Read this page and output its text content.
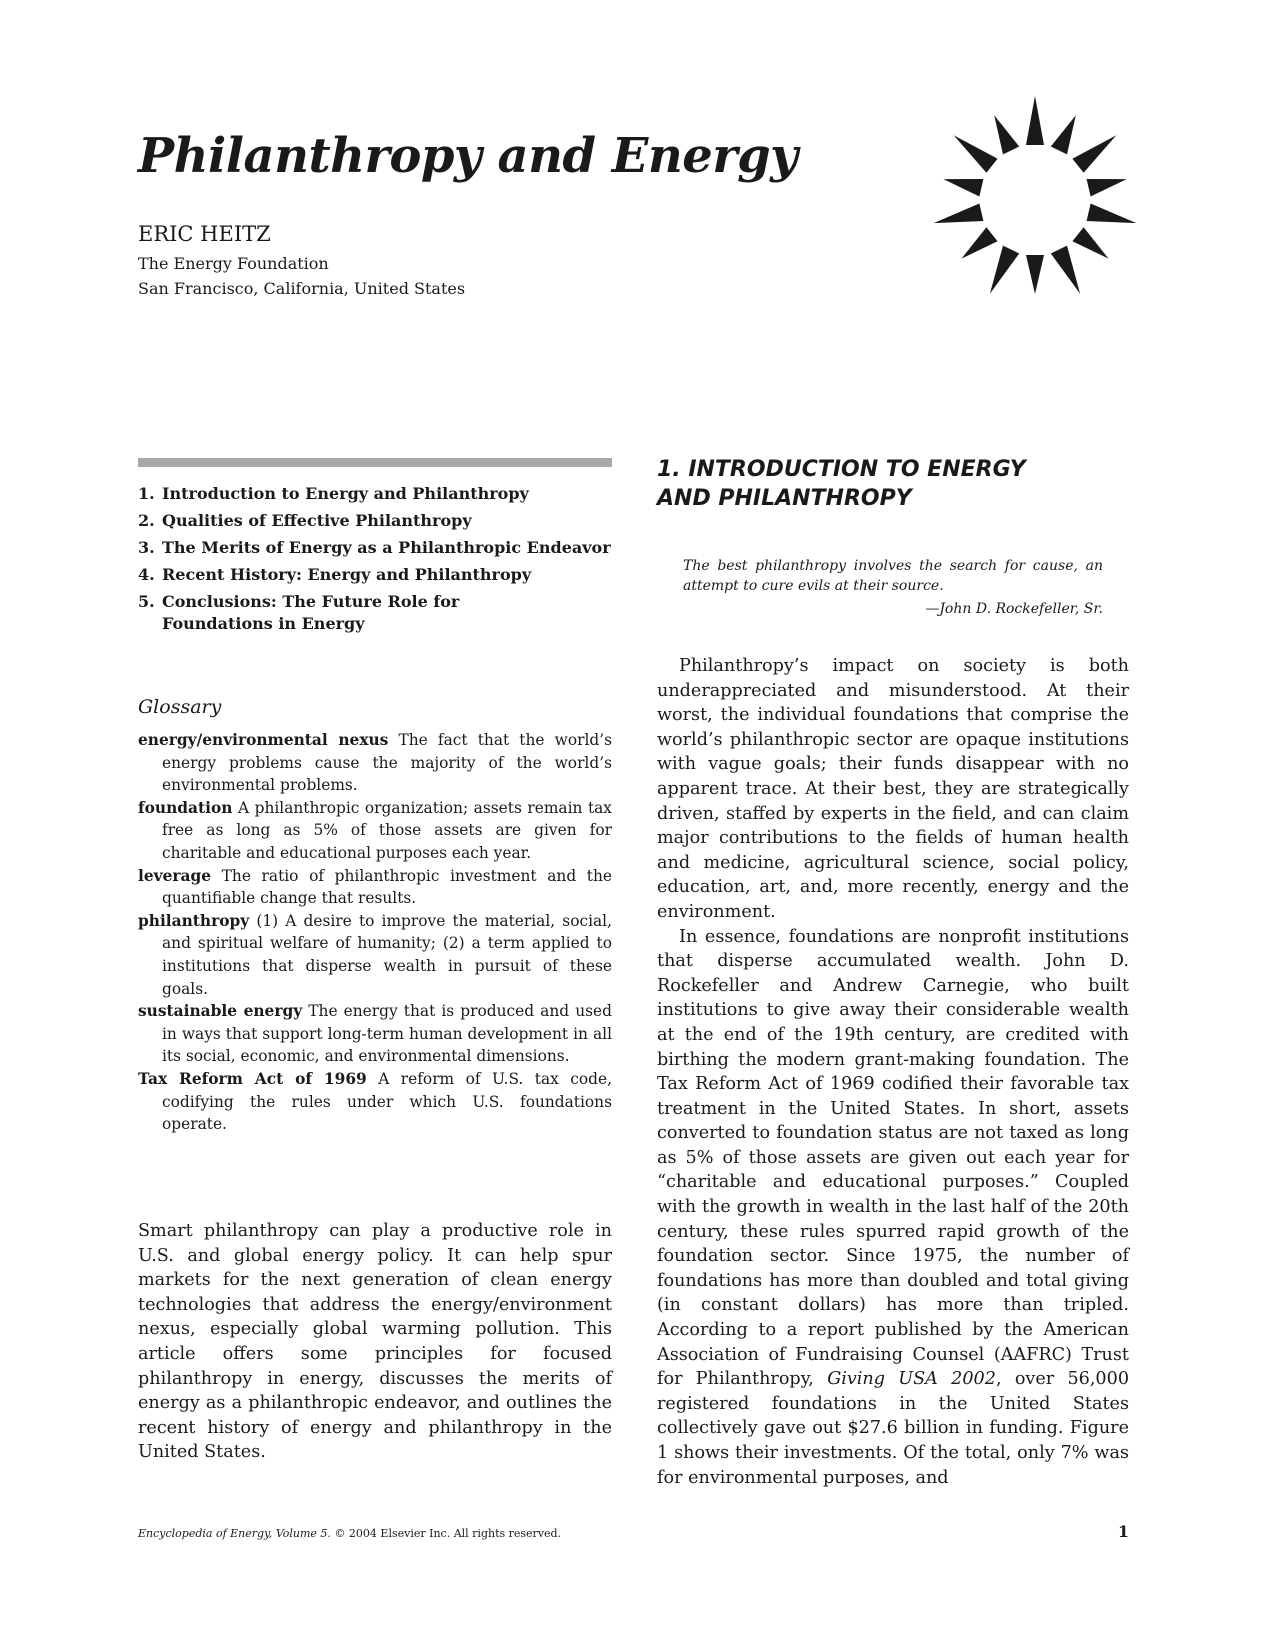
Philanthropy and Energy
ERIC HEITZ
The Energy Foundation
San Francisco, California, United States
1. Introduction to Energy and Philanthropy
2. Qualities of Effective Philanthropy
3. The Merits of Energy as a Philanthropic Endeavor
4. Recent History: Energy and Philanthropy
5. Conclusions: The Future Role for Foundations in Energy
Glossary

energy/environmental nexus The fact that the world’s energy problems cause the majority of the world’s environmental problems.

foundation A philanthropic organization; assets remain tax free as long as 5% of those assets are given for charitable and educational purposes each year.

leverage The ratio of philanthropic investment and the quantifiable change that results.

philanthropy (1) A desire to improve the material, social, and spiritual welfare of humanity; (2) a term applied to institutions that disperse wealth in pursuit of these goals.

sustainable energy The energy that is produced and used in ways that support long-term human development in all its social, economic, and environmental dimensions.

Tax Reform Act of 1969 A reform of U.S. tax code, codifying the rules under which U.S. foundations operate.

Smart philanthropy can play a productive role in U.S. and global energy policy. It can help spur markets for the next generation of clean energy technologies that address the energy/environment nexus, especially global warming pollution. This article offers some principles for focused philanthropy in energy, discusses the merits of energy as a philanthropic endeavor, and outlines the recent history of energy and philanthropy in the United States.

1. INTRODUCTION TO ENERGY
AND PHILANTHROPY

The best philanthropy involves the search for cause, an attempt to cure evils at their source.

—John D. Rockefeller, Sr.

Philanthropy’s impact on society is both underappreciated and misunderstood. At their worst, the individual foundations that comprise the world’s philanthropic sector are opaque institutions with vague goals; their funds disappear with no apparent trace. At their best, they are strategically driven, staffed by experts in the field, and can claim major contributions to the fields of human health and medicine, agricultural science, social policy, education, art, and, more recently, energy and the environment.

In essence, foundations are nonprofit institutions that disperse accumulated wealth. John D. Rockefeller and Andrew Carnegie, who built institutions to give away their considerable wealth at the end of the 19th century, are credited with birthing the modern grant-making foundation. The Tax Reform Act of 1969 codified their favorable tax treatment in the United States. In short, assets converted to foundation status are not taxed as long as 5% of those assets are given out each year for “charitable and educational purposes.” Coupled with the growth in wealth in the last half of the 20th century, these rules spurred rapid growth of the foundation sector. Since 1975, the number of foundations has more than doubled and total giving (in constant dollars) has more than tripled. According to a report published by the American Association of Fundraising Counsel (AAFRC) Trust for Philanthropy, Giving USA 2002, over 56,000 registered foundations in the United States collectively gave out $27.6 billion in funding. Figure 1 shows their investments. Of the total, only 7% was for environmental purposes, and

Encyclopedia of Energy, Volume 5. © 2004 Elsevier Inc. All rights reserved.	1
